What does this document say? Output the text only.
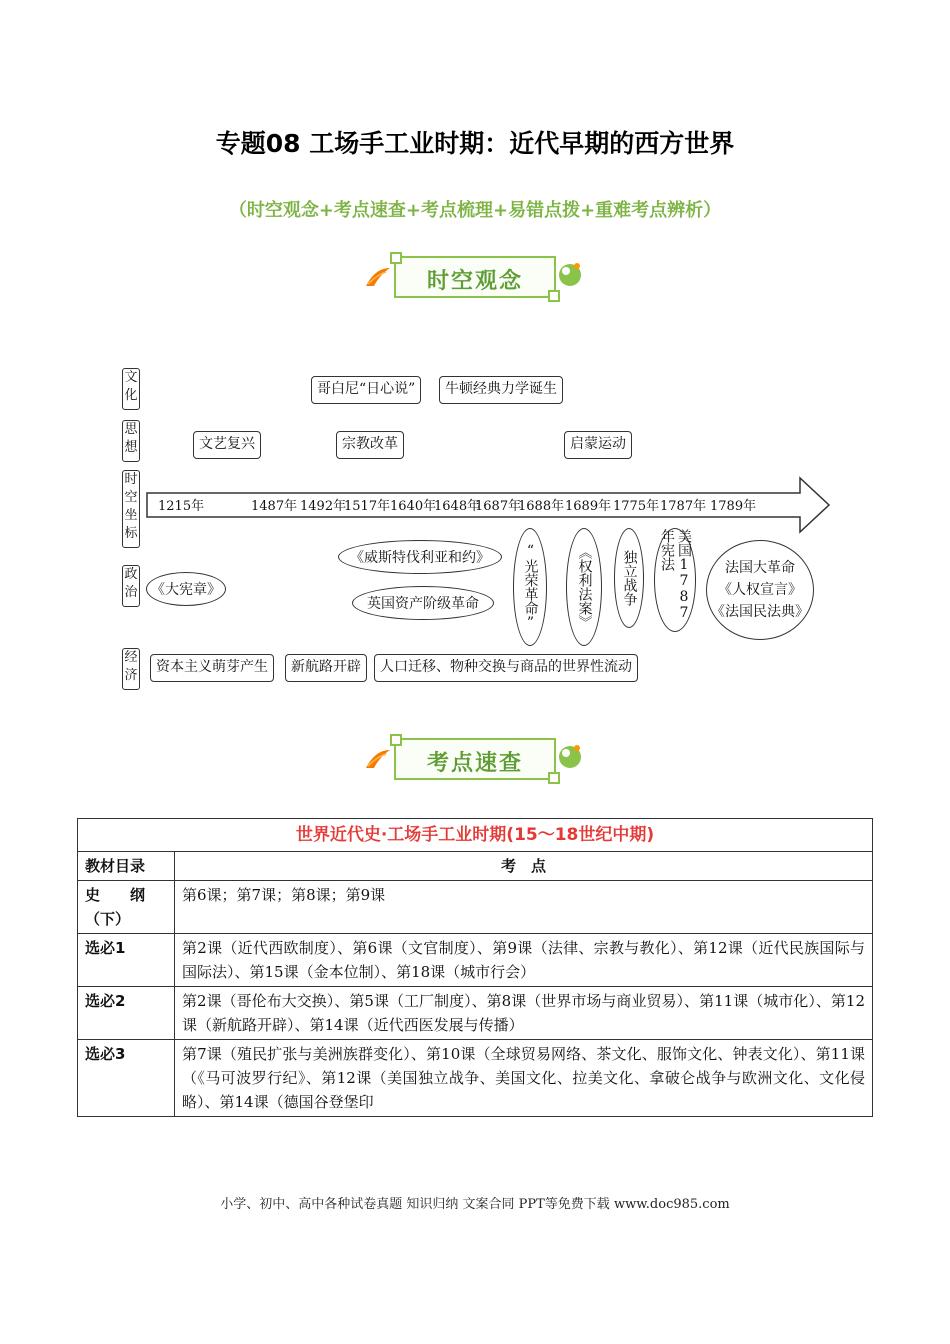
专题08 工场手工业时期：近代早期的西方世界
（时空观念+考点速查+考点梳理+易错点拨+重难考点辨析）
时空观念
文化
思想
时空坐标
政治
经济
1215年	1487年 1492年
1517年 1640年
1648年
1687年
1688年 1689年 1775年 1787年 1789年
哥白尼“日心说”	牛顿经典力学诞生
文艺复兴	宗教改革	启蒙运动
《大宪章》
《威斯特伐利亚和约》
英国资产阶级革命	“光荣革命”	《权利法案》 独立战争	美国1787年宪法	法国大革命
《人权宣言》
《法国民法典》
资本主义萌芽产生	新航路开辟	人口迁移、物种交换与商品的世界性流动
考点速查
世界近代史·工场手工业时期(15～18世纪中期)	
教材目录	考　点
史　　纲（下）	第6课；第7课；第8课；第9课
选必1	第2课（近代西欧制度）、第6课（文官制度）、第9课（法律、宗教与教化）、第12课（近代民族国际与国际法）、第15课（金本位制）、第18课（城市行会）
选必2	第2课（哥伦布大交换）、第5课（工厂制度）、第8课（世界市场与商业贸易）、第11课（城市化）、第12课（新航路开辟）、第14课（近代西医发展与传播）
选必3	第7课（殖民扩张与美洲族群变化）、第10课（全球贸易网络、茶文化、服饰文化、钟表文化）、第11课（《马可波罗行纪》、第12课（美国独立战争、美国文化、拉美文化、拿破仑战争与欧洲文化、文化侵略）、第14课（德国谷登堡印
小学、初中、高中各种试卷真题 知识归纳 文案合同 PPT等免费下载 www.doc985.com
